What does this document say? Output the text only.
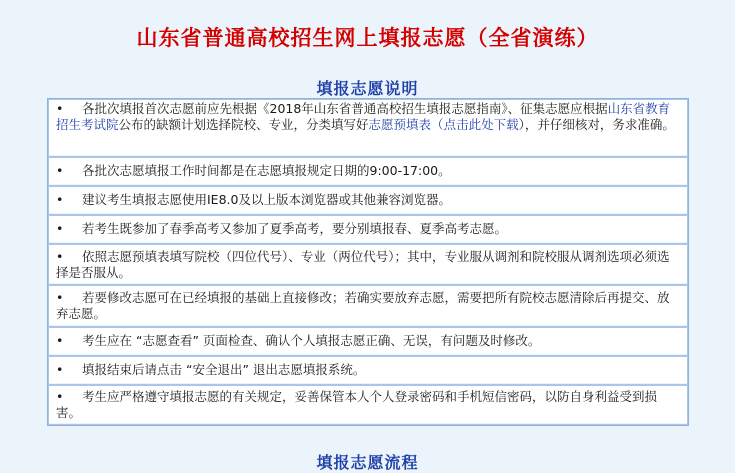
山东省普通高校招生网上填报志愿（全省演练）
填报志愿说明
• 各批次填报首次志愿前应先根据《2018年山东省普通高校招生填报志愿指南》、征集志愿应根据山东省教育招生考试院公布的缺额计划选择院校、专业，分类填写好志愿预填表（点击此处下载），并仔细核对，务求准确。
• 各批次志愿填报工作时间都是在志愿填报规定日期的9:00-17:00。
• 建议考生填报志愿使用IE8.0及以上版本浏览器或其他兼容浏览器。
• 若考生既参加了春季高考又参加了夏季高考，要分别填报春、夏季高考志愿。
• 依照志愿预填表填写院校（四位代号）、专业（两位代号）；其中，专业服从调剂和院校服从调剂选项必须选择是否服从。
• 若要修改志愿可在已经填报的基础上直接修改；若确实要放弃志愿，需要把所有院校志愿清除后再提交、放弃志愿。
• 考生应在 “志愿查看” 页面检查、确认个人填报志愿正确、无误，有问题及时修改。
• 填报结束后请点击 “安全退出” 退出志愿填报系统。
• 考生应严格遵守填报志愿的有关规定，妥善保管本人个人登录密码和手机短信密码，以防自身利益受到损害。
填报志愿流程
